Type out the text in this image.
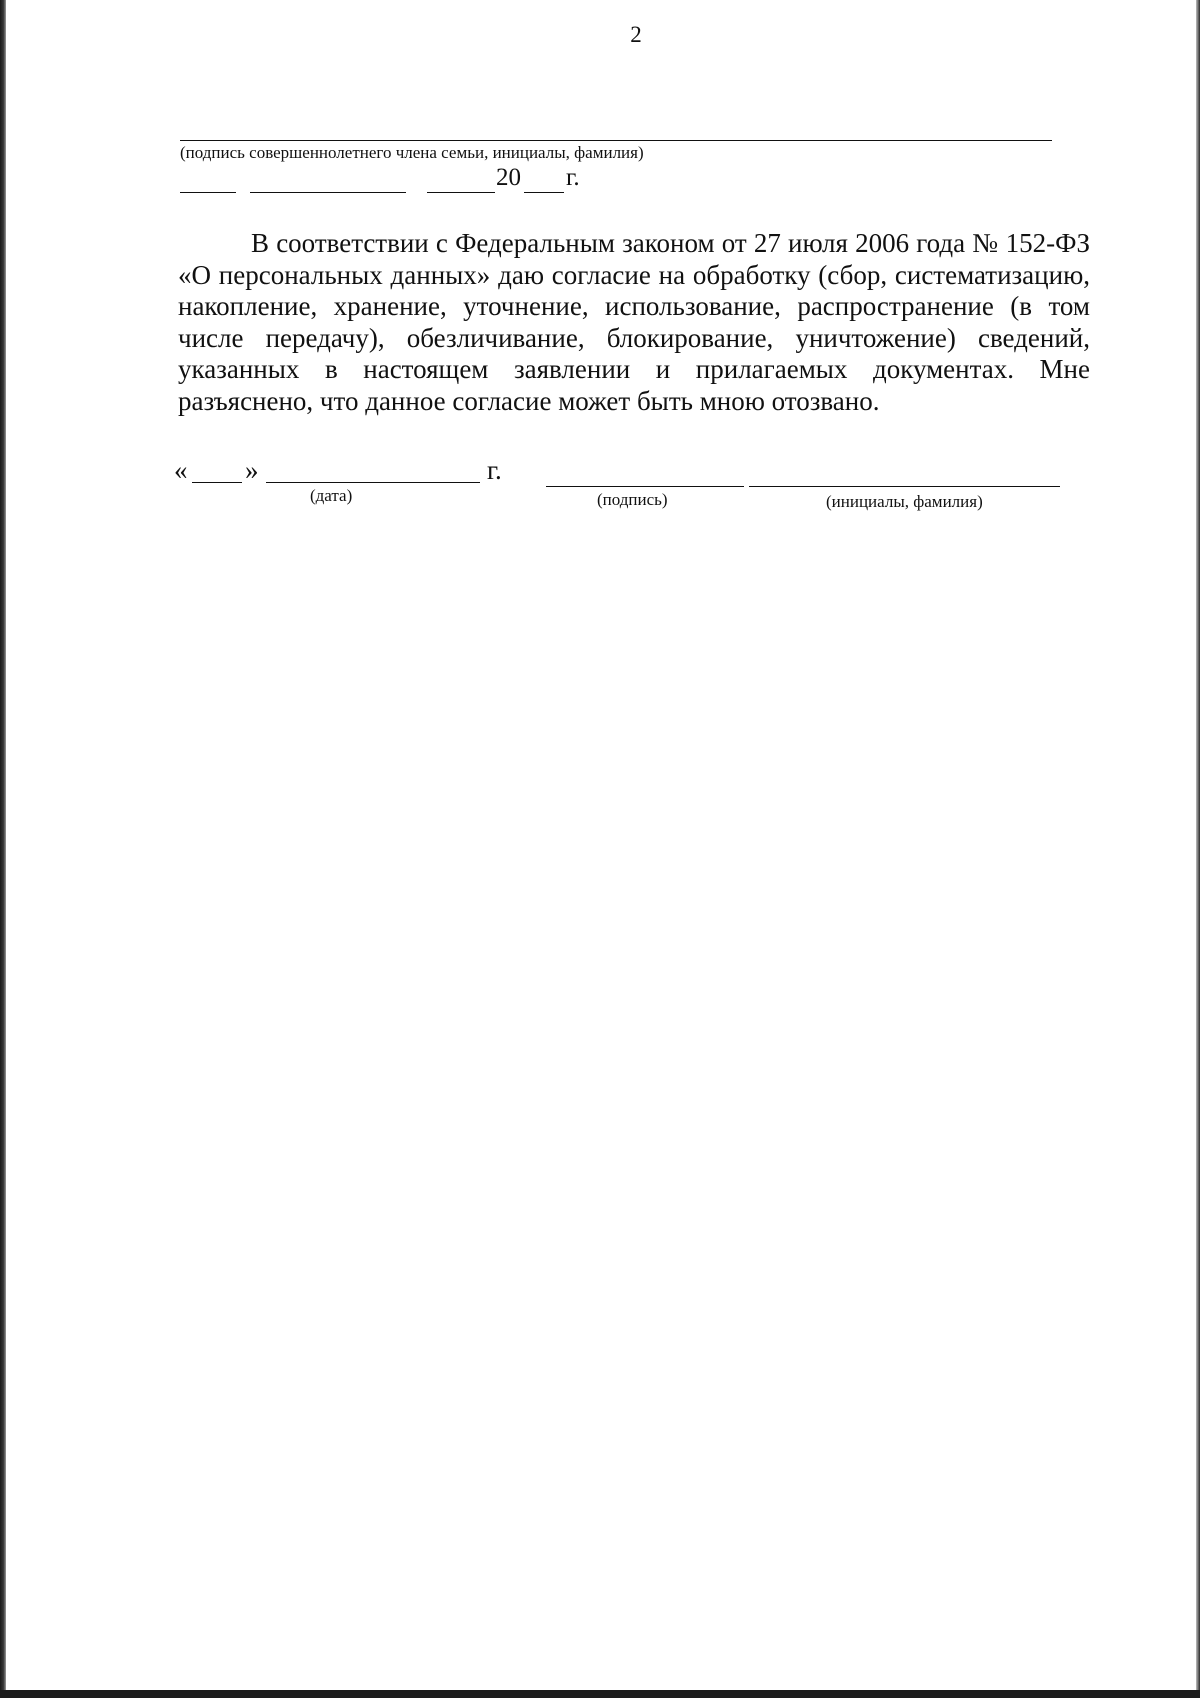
2
(подпись совершеннолетнего члена семьи, инициалы, фамилия)
20 г.
В соответствии с Федеральным законом от 27 июля 2006 года № 152-ФЗ «О персональных данных» даю согласие на обработку (сбор, систематизацию, накопление, хранение, уточнение, использование, распространение (в том числе передачу), обезличивание, блокирование, уничтожение) сведений, указанных в настоящем заявлении и прилагаемых документах. Мне разъяснено, что данное согласие может быть мною отозвано.
« »	г.
(дата)	(подпись)	(инициалы, фамилия)
